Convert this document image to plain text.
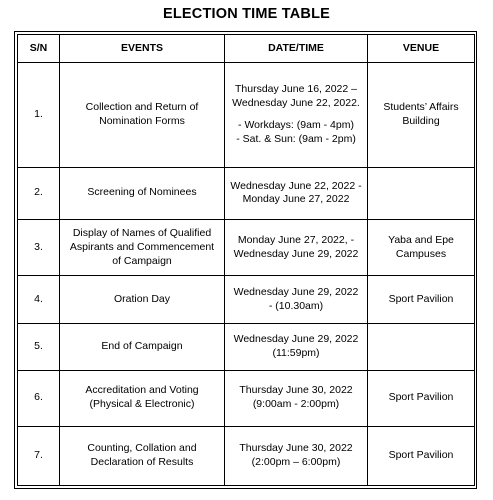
ELECTION TIME TABLE
S/N	EVENTS	DATE/TIME	VENUE
1.	Collection and Return of
Nomination Forms	Thursday June 16, 2022 –
Wednesday June 22, 2022.
- Workdays: (9am - 4pm)
- Sat. & Sun: (9am - 2pm)	Students’ Affairs
Building

2.	Screening of Nominees	Wednesday June 22, 2022 -
Monday June 27, 2022	

3.	Display of Names of Qualified
Aspirants and Commencement
of Campaign	Monday June 27, 2022, -
Wednesday June 29, 2022	Yaba and Epe
Campuses

4.	Oration Day	Wednesday June 29, 2022
- (10.30am)	Sport Pavilion

5.	End of Campaign	Wednesday June 29, 2022
(11:59pm)	

6.	Accreditation and Voting
(Physical & Electronic)	Thursday June 30, 2022
(9:00am - 2:00pm)	Sport Pavilion

7.	Counting, Collation and
Declaration of Results	Thursday June 30, 2022
(2:00pm – 6:00pm)	Sport Pavilion
